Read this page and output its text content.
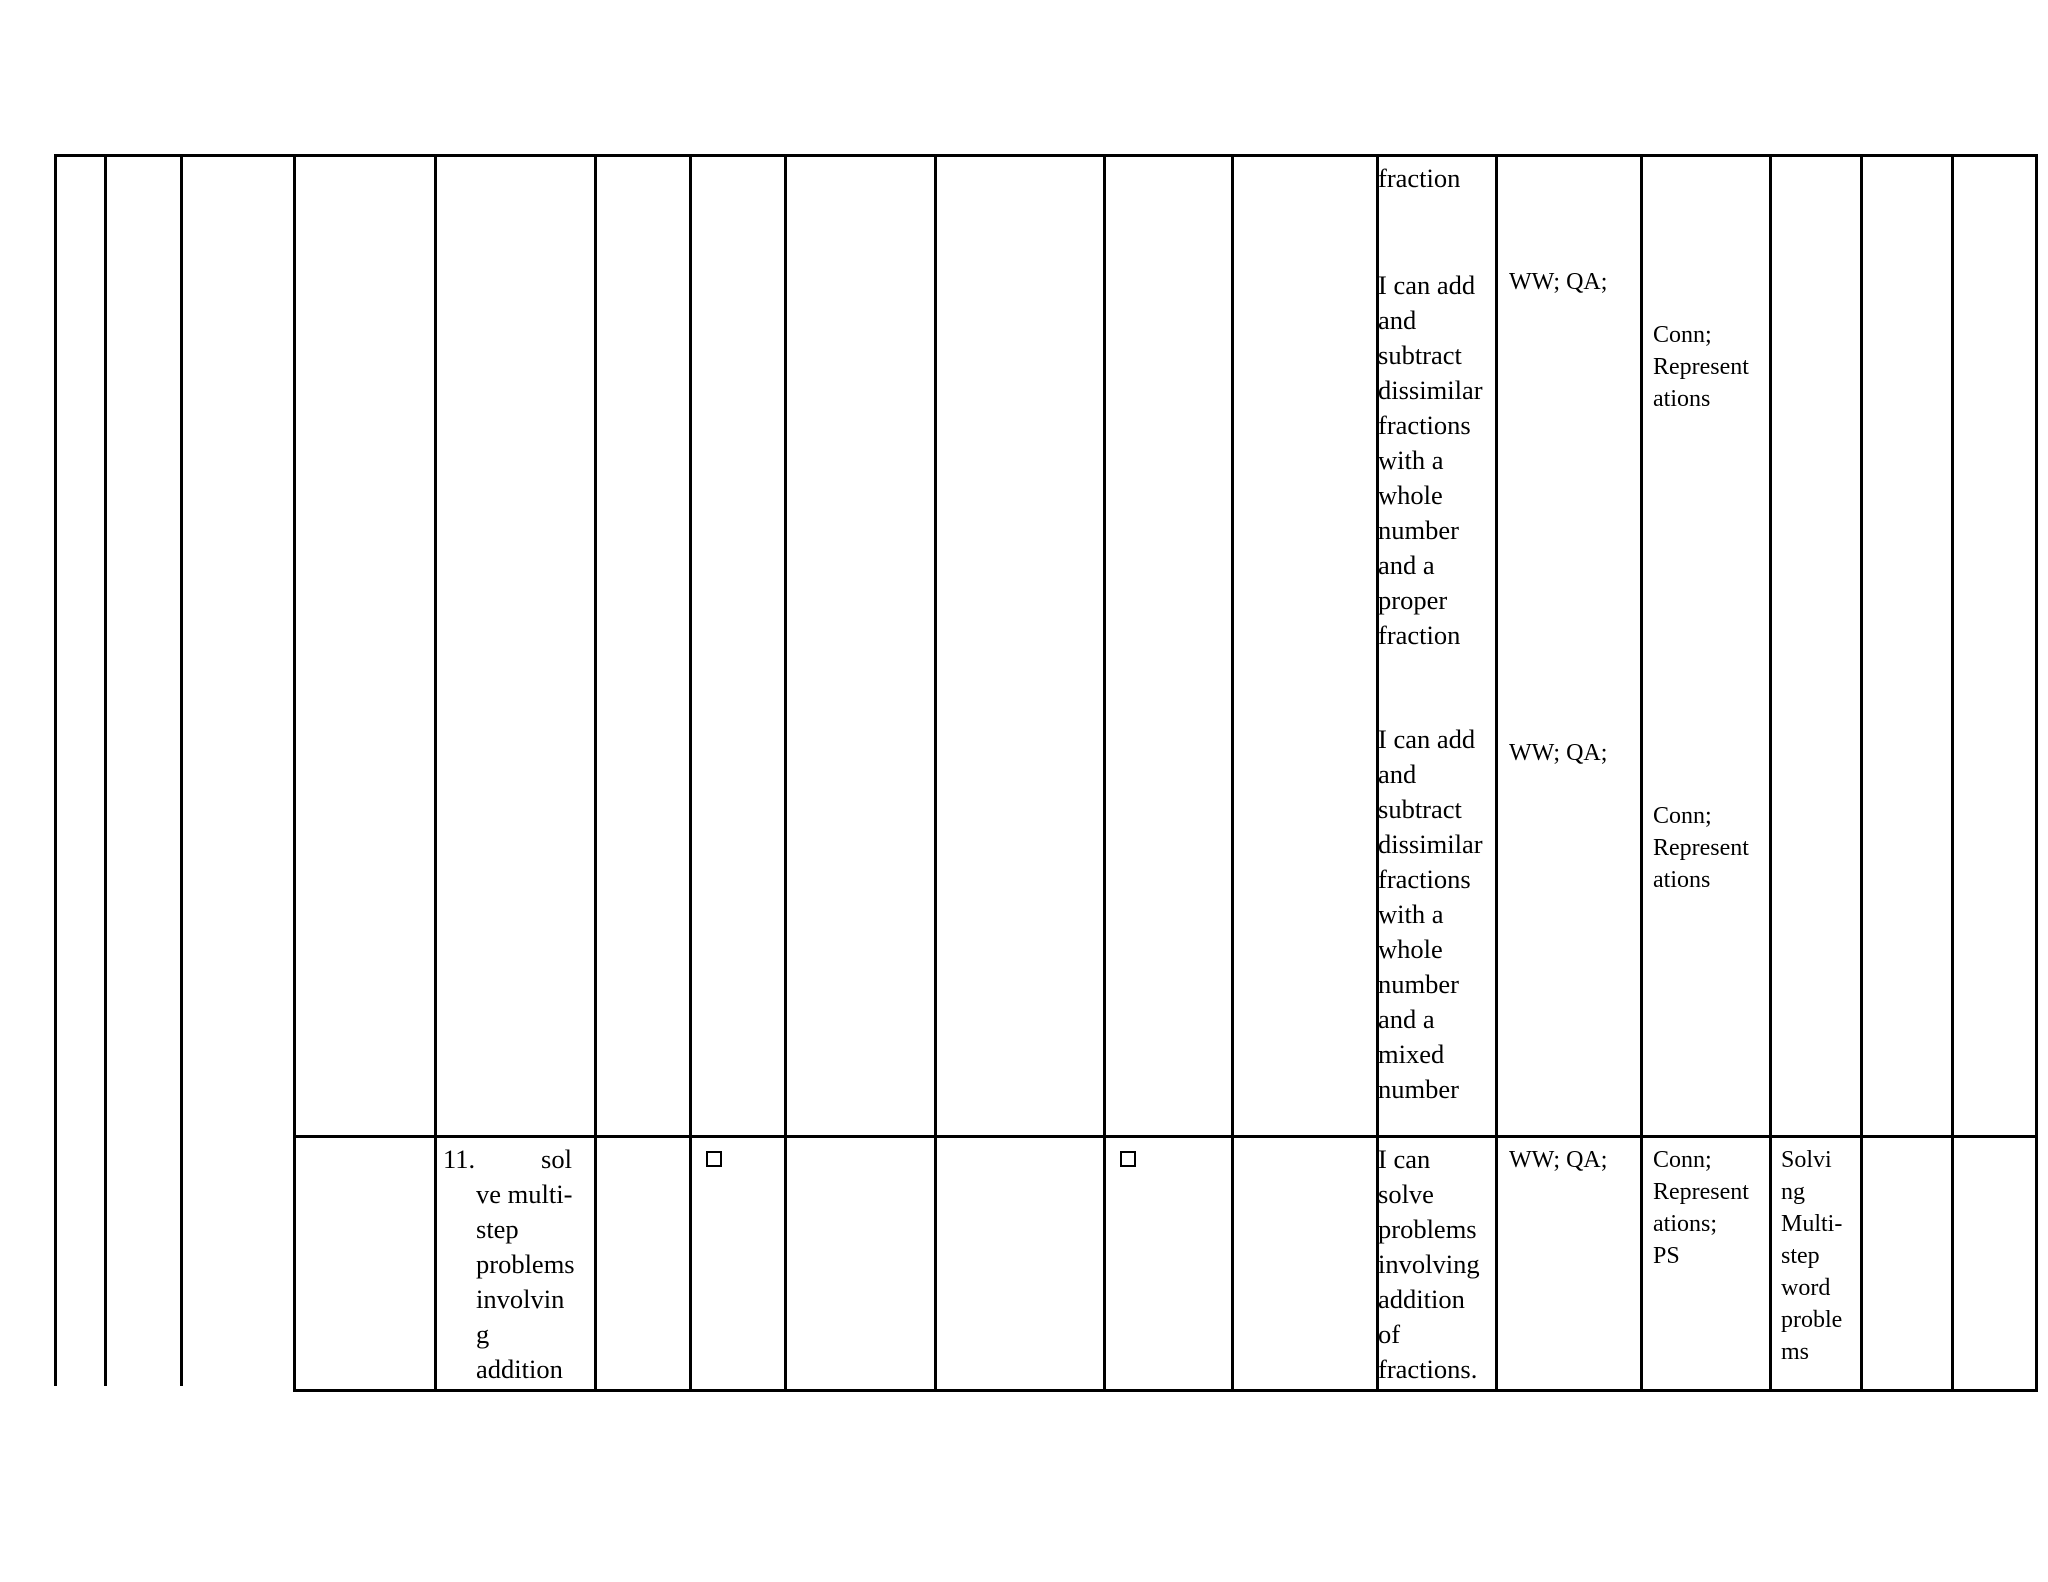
fraction
I can add
and
subtract
dissimilar
fractions
with a
whole
number
and a
proper
fraction
WW; QA;
Conn;
Represent
ations
I can add
and
subtract
dissimilar
fractions
with a
whole
number
and a
mixed
number
WW; QA;
Conn;
Represent
ations
11. sol
ve multi-
step
problems
involvin
g
addition
I can
solve
problems
involving
addition
of
fractions.
WW; QA; Conn;
Represent
ations;
PS
Solvi
ng
Multi-
step
word
proble
ms
